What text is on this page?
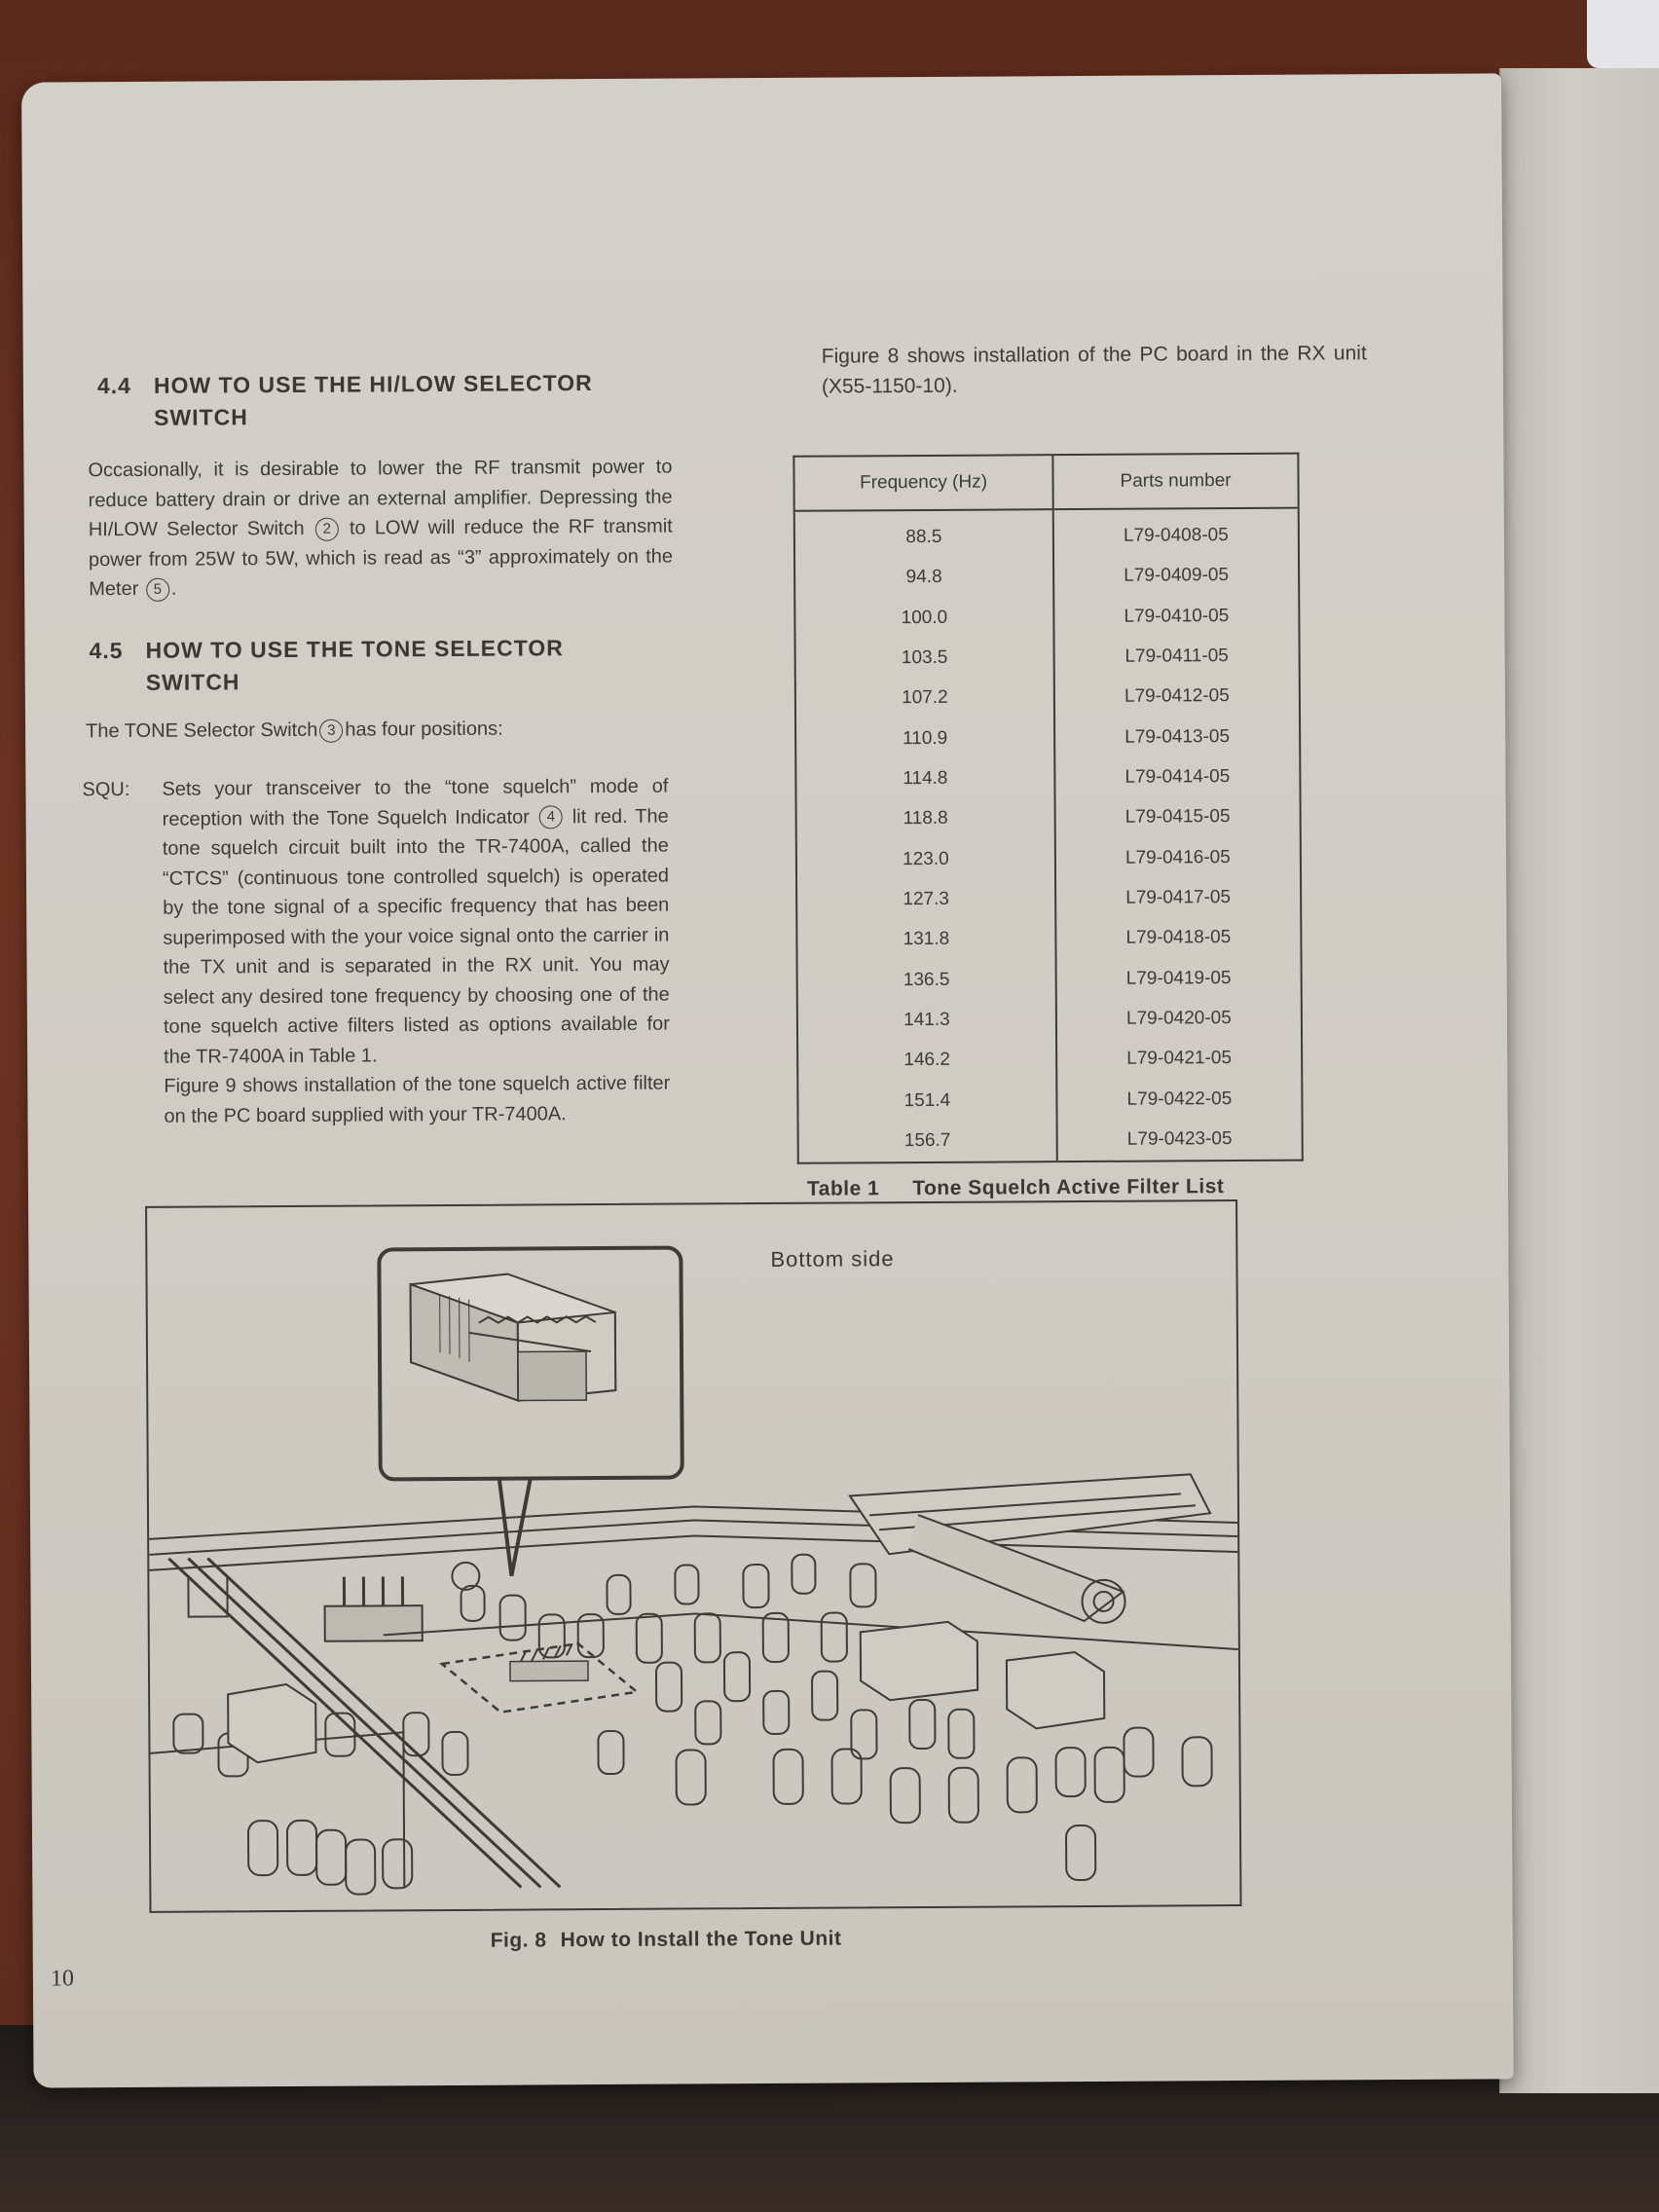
Figure 8 shows installation of the PC board in the RX unit (X55-1150-10).
4.4 HOW TO USE THE HI/LOW SELECTOR SWITCH
Occasionally, it is desirable to lower the RF transmit power to reduce battery drain or drive an external amplifier. Depressing the HI/LOW Selector Switch 2 to LOW will reduce the RF transmit power from 25W to 5W, which is read as “3” approximately on the Meter 5 .
4.5 HOW TO USE THE TONE SELECTOR SWITCH
The TONE Selector Switch 3 has four positions:
SQU: Sets your transceiver to the “tone squelch” mode of reception with the Tone Squelch Indicator 4 lit red. The tone squelch circuit built into the TR-7400A, called the “CTCS” (continuous tone controlled squelch) is operated by the tone signal of a specific frequency that has been superimposed with the your voice signal onto the carrier in the TX unit and is separated in the RX unit. You may select any desired tone frequency by choosing one of the tone squelch active filters listed as options available for the TR-7400A in Table 1.
Figure 9 shows installation of the tone squelch active filter on the PC board supplied with your TR-7400A.
Frequency (Hz)	Parts number
88.5	L79-0408-05
94.8	L79-0409-05
100.0	L79-0410-05
103.5	L79-0411-05
107.2	L79-0412-05
110.9	L79-0413-05
114.8	L79-0414-05
118.8	L79-0415-05
123.0	L79-0416-05
127.3	L79-0417-05
131.8	L79-0418-05
136.5	L79-0419-05
141.3	L79-0420-05
146.2	L79-0421-05
151.4	L79-0422-05
156.7	L79-0423-05
Table 1 Tone Squelch Active Filter List
Bottom side
Fig. 8 How to Install the Tone Unit
10
